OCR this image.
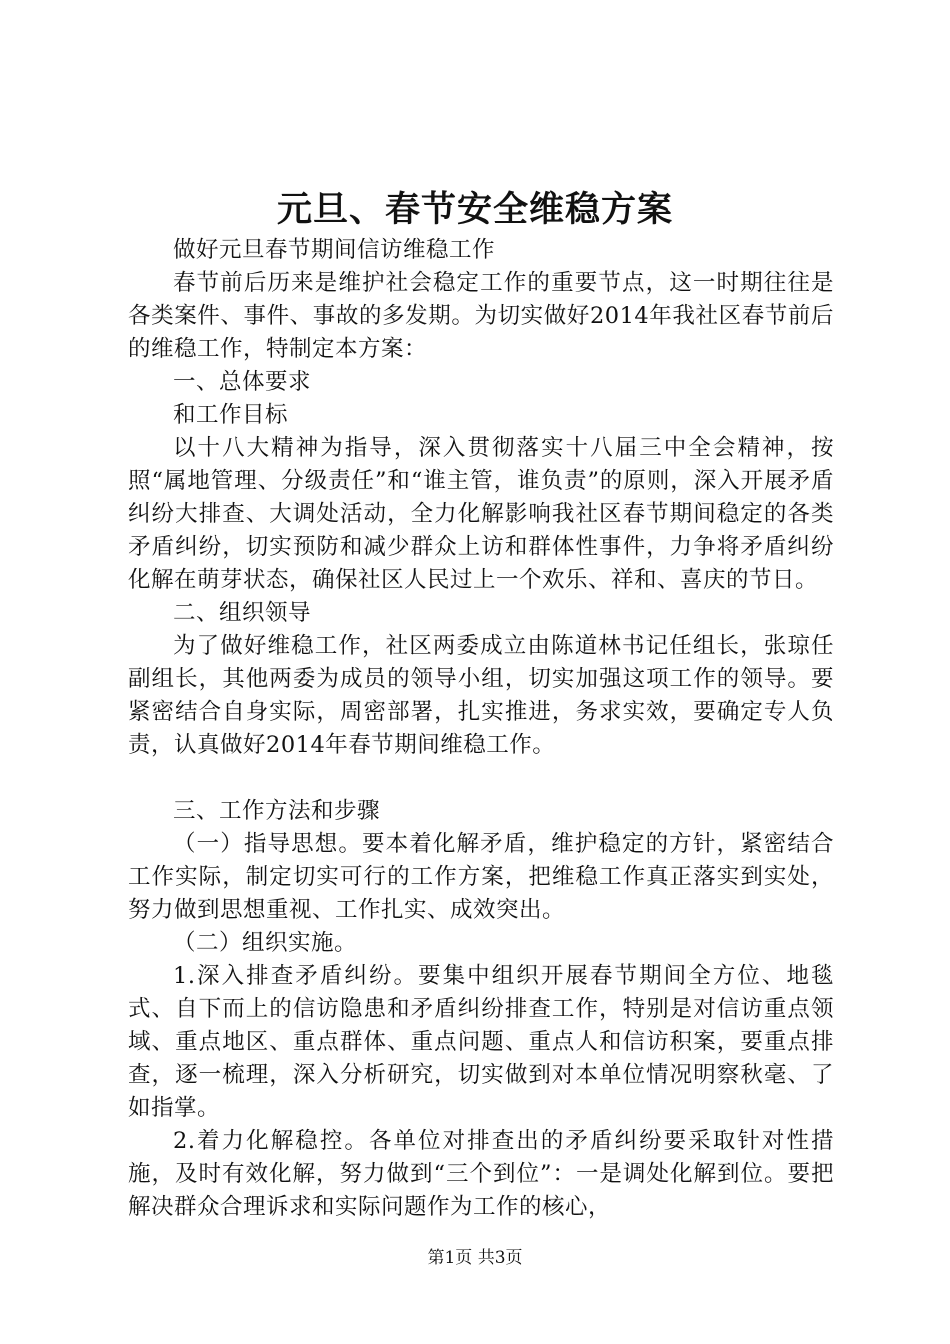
元旦、春节安全维稳方案

做好元旦春节期间信访维稳工作

春节前后历来是维护社会稳定工作的重要节点，这一时期往往是各类案件、事件、事故的多发期。为切实做好2014年我社区春节前后的维稳工作，特制定本方案：

一、总体要求

和工作目标

以十八大精神为指导，深入贯彻落实十八届三中全会精神，按照“属地管理、分级责任”和“谁主管，谁负责”的原则，深入开展矛盾纠纷大排查、大调处活动，全力化解影响我社区春节期间稳定的各类矛盾纠纷，切实预防和减少群众上访和群体性事件，力争将矛盾纠纷化解在萌芽状态，确保社区人民过上一个欢乐、祥和、喜庆的节日。

二、组织领导

为了做好维稳工作，社区两委成立由陈道林书记任组长，张琼任副组长，其他两委为成员的领导小组，切实加强这项工作的领导。要紧密结合自身实际，周密部署，扎实推进，务求实效，要确定专人负责，认真做好2014年春节期间维稳工作。

三、工作方法和步骤

（一）指导思想。要本着化解矛盾，维护稳定的方针，紧密结合工作实际，制定切实可行的工作方案，把维稳工作真正落实到实处，努力做到思想重视、工作扎实、成效突出。

（二）组织实施。

1.深入排查矛盾纠纷。要集中组织开展春节期间全方位、地毯式、自下而上的信访隐患和矛盾纠纷排查工作，特别是对信访重点领域、重点地区、重点群体、重点问题、重点人和信访积案，要重点排查，逐一梳理，深入分析研究，切实做到对本单位情况明察秋毫、了如指掌。

2.着力化解稳控。各单位对排查出的矛盾纠纷要采取针对性措施，及时有效化解，努力做到“三个到位”：一是调处化解到位。要把解决群众合理诉求和实际问题作为工作的核心，

第1页 共3页
